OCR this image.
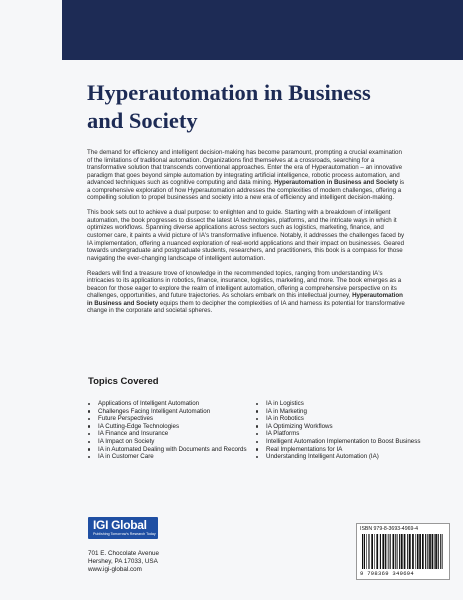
Hyperautomation in Business
and Society

The demand for efficiency and intelligent decision-making has become paramount, prompting a crucial examination of the limitations of traditional automation. Organizations find themselves at a crossroads, searching for a transformative solution that transcends conventional approaches. Enter the era of Hyperautomation – an innovative paradigm that goes beyond simple automation by integrating artificial intelligence, robotic process automation, and advanced techniques such as cognitive computing and data mining. Hyperautomation in Business and Society is a comprehensive exploration of how Hyperautomation addresses the complexities of modern challenges, offering a compelling solution to propel businesses and society into a new era of efficiency and intelligent decision-making.

This book sets out to achieve a dual purpose: to enlighten and to guide. Starting with a breakdown of intelligent automation, the book progresses to dissect the latest IA technologies, platforms, and the intricate ways in which it optimizes workflows. Spanning diverse applications across sectors such as logistics, marketing, finance, and customer care, it paints a vivid picture of IA's transformative influence. Notably, it addresses the challenges faced by IA implementation, offering a nuanced exploration of real-world applications and their impact on businesses. Geared towards undergraduate and postgraduate students, researchers, and practitioners, this book is a compass for those navigating the ever-changing landscape of intelligent automation.

Readers will find a treasure trove of knowledge in the recommended topics, ranging from understanding IA's intricacies to its applications in robotics, finance, insurance, logistics, marketing, and more. The book emerges as a beacon for those eager to explore the realm of intelligent automation, offering a comprehensive perspective on its challenges, opportunities, and future trajectories. As scholars embark on this intellectual journey, Hyperautomation in Business and Society equips them to decipher the complexities of IA and harness its potential for transformative change in the corporate and societal spheres.

Topics Covered
Applications of Intelligent Automation
Challenges Facing Intelligent Automation
Future Perspectives
IA Cutting-Edge Technologies
IA Finance and Insurance
IA Impact on Society
IA in Automated Dealing with Documents and Records
IA in Customer Care
IA in Logistics
IA in Marketing
IA in Robotics
IA Optimizing Workflows
IA Platforms
Intelligent Automation Implementation to Boost Business
Real Implementations for IA
Understanding Intelligent Automation (IA)
IGI Global
Publishing Tomorrow's Research Today
701 E. Chocolate Avenue
Hershey, PA 17033, USA
www.igi-global.com
ISBN 979-8-3693-4969-4
9 798369 349694
